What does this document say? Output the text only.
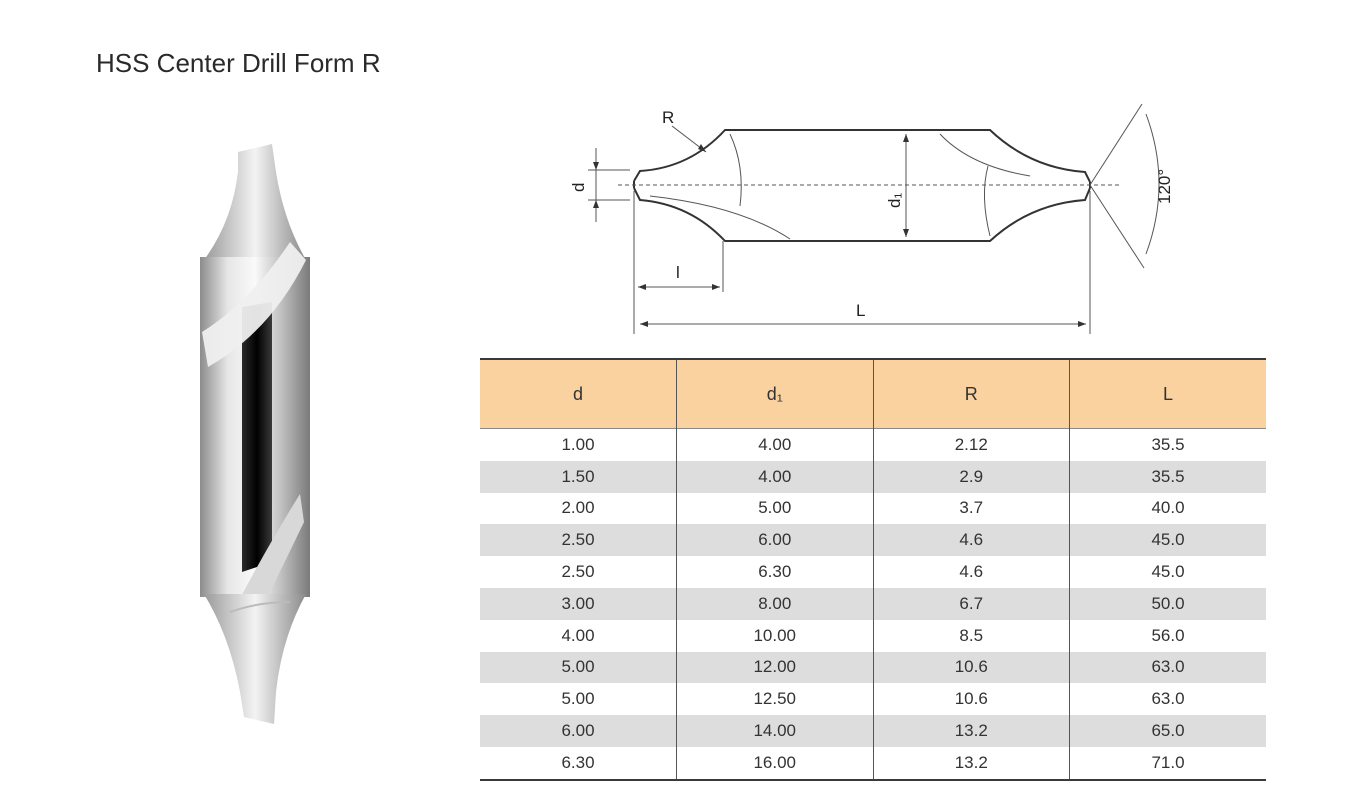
HSS Center Drill Form R
R
d
d₁
l
L
120°
d	d₁	R	L
1.00	4.00	2.12	35.5
1.50	4.00	2.9	35.5
2.00	5.00	3.7	40.0
2.50	6.00	4.6	45.0
2.50	6.30	4.6	45.0
3.00	8.00	6.7	50.0
4.00	10.00	8.5	56.0
5.00	12.00	10.6	63.0
5.00	12.50	10.6	63.0
6.00	14.00	13.2	65.0
6.30	16.00	13.2	71.0
